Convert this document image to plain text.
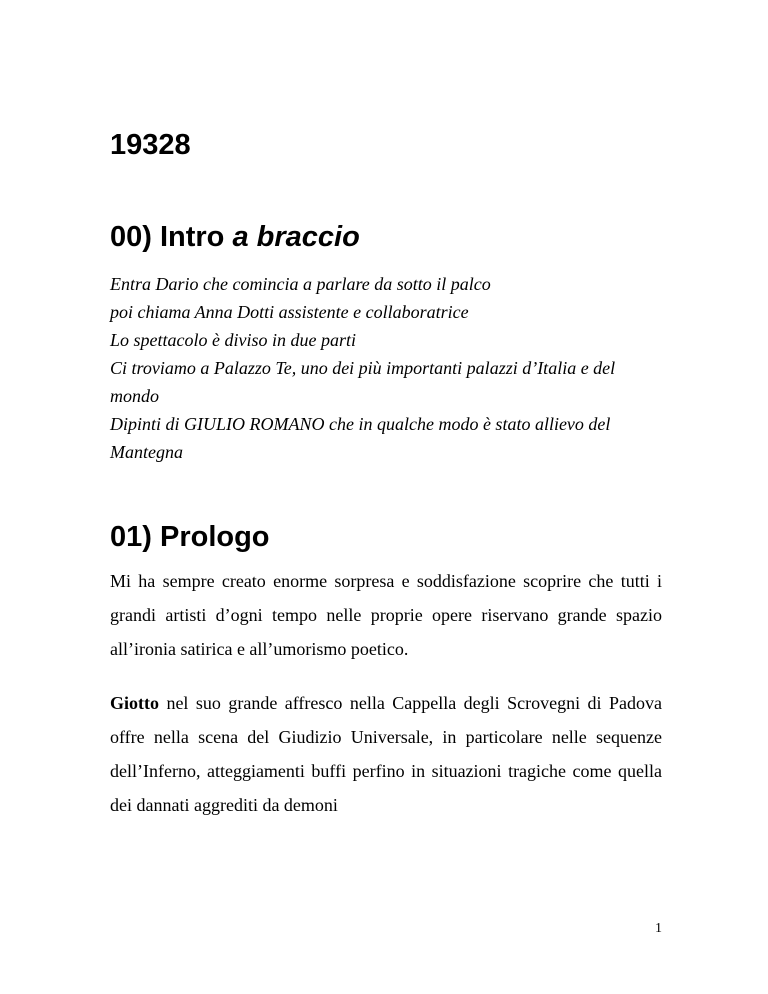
19328
00) Intro a braccio

Entra Dario che comincia a parlare da sotto il palco

poi chiama Anna Dotti assistente e collaboratrice

Lo spettacolo è diviso in due parti

Ci troviamo a Palazzo Te, uno dei più importanti palazzi d’Italia e del mondo

Dipinti di GIULIO ROMANO che in qualche modo è stato allievo del Mantegna

01) Prologo

Mi ha sempre creato enorme sorpresa e soddisfazione scoprire che tutti i grandi artisti d’ogni tempo nelle proprie opere riservano grande spazio all’ironia satirica e all’umorismo poetico.

Giotto nel suo grande affresco nella Cappella degli Scrovegni di Padova offre nella scena del Giudizio Universale, in particolare nelle sequenze dell’Inferno, atteggiamenti buffi perfino in situazioni tragiche come quella dei dannati aggrediti da demoni

1
